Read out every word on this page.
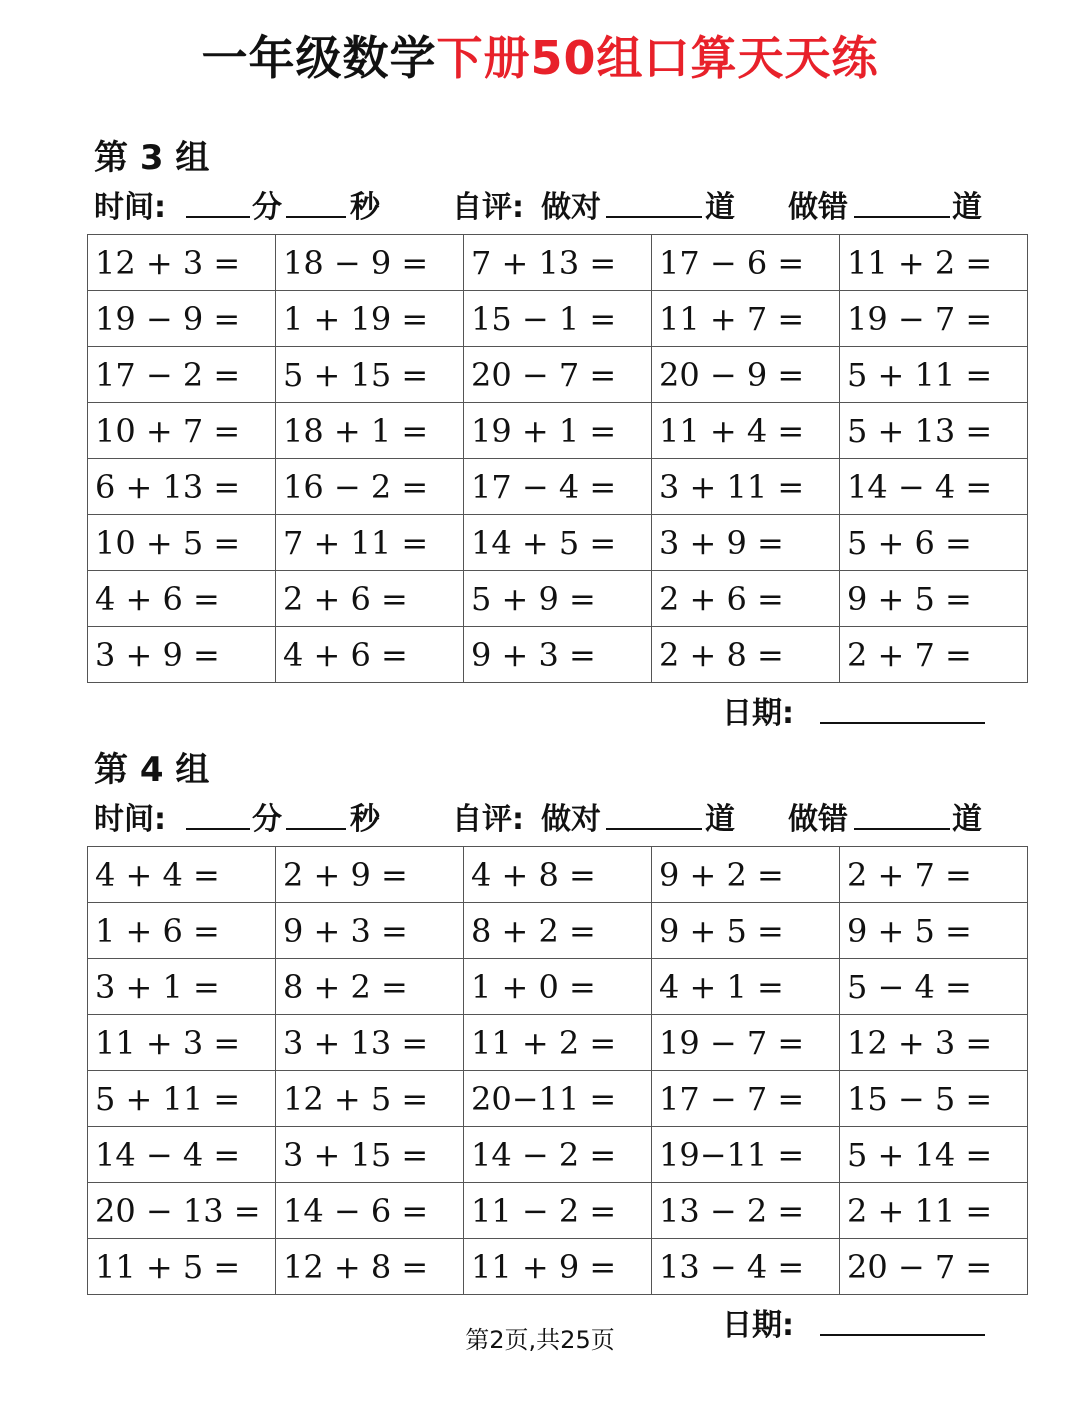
一年级数学下册50组口算天天练
第 3 组
时间:	分 秒 自评: 做对	道 做错	道
12 + 3 =	18 − 9 =	7 + 13 =	17 − 6 =	11 + 2 =
19 − 9 =	1 + 19 =	15 − 1 =	11 + 7 =	19 − 7 =
17 − 2 =	5 + 15 =	20 − 7 =	20 − 9 =	5 + 11 =
10 + 7 =	18 + 1 =	19 + 1 =	11 + 4 =	5 + 13 =
6 + 13 =	16 − 2 =	17 − 4 =	3 + 11 =	14 − 4 =
10 + 5 =	7 + 11 =	14 + 5 =	3 + 9 =	5 + 6 =
4 + 6 =	2 + 6 =	5 + 9 =	2 + 6 =	9 + 5 =
3 + 9 =	4 + 6 =	9 + 3 =	2 + 8 =	2 + 7 =
日期:
第 4 组
时间:	分 秒 自评: 做对	道 做错	道
4 + 4 =	2 + 9 =	4 + 8 =	9 + 2 =	2 + 7 =
1 + 6 =	9 + 3 =	8 + 2 =	9 + 5 =	9 + 5 =
3 + 1 =	8 + 2 =	1 + 0 =	4 + 1 =	5 − 4 =
11 + 3 =	3 + 13 =	11 + 2 =	19 − 7 =	12 + 3 =
5 + 11 =	12 + 5 =	20−11 =	17 − 7 =	15 − 5 =
14 − 4 =	3 + 15 =	14 − 2 =	19−11 =	5 + 14 =
20 − 13 =	14 − 6 =	11 − 2 =	13 − 2 =	2 + 11 =
11 + 5 =	12 + 8 =	11 + 9 =	13 − 4 =	20 − 7 =
日期:
第2页,共25页
